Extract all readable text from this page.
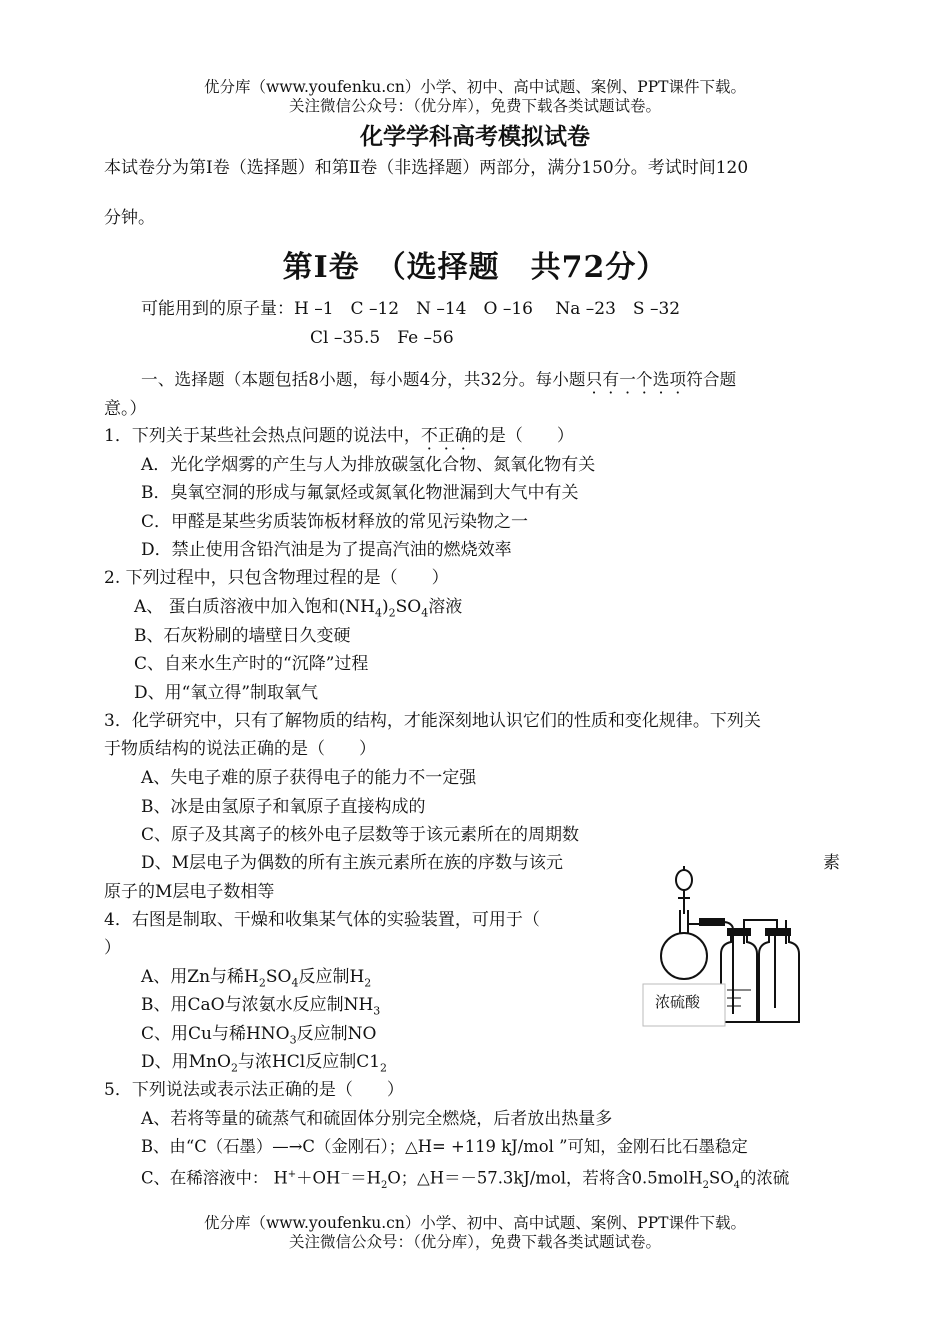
优分库（www.youfenku.cn）小学、初中、高中试题、案例、PPT课件下载。
关注微信公众号：（优分库），免费下载各类试题试卷。
化学学科高考模拟试卷
本试卷分为第Ⅰ卷（选择题）和第Ⅱ卷（非选择题）两部分，满分150分。考试时间120
分钟。
第Ⅰ卷　（选择题　共72分）
可能用到的原子量：H –1　C –12　N –14　O –16　 Na –23　S –32
Cl –35.5　Fe –56
一、选择题（本题包括8小题，每小题4分，共32分。每小题只有一个选项符合题
意。）
1．下列关于某些社会热点问题的说法中，不正确的是（　　）
A．光化学烟雾的产生与人为排放碳氢化合物、氮氧化物有关
B．臭氧空洞的形成与氟氯烃或氮氧化物泄漏到大气中有关
C．甲醛是某些劣质装饰板材释放的常见污染物之一
D．禁止使用含铅汽油是为了提高汽油的燃烧效率
2. 下列过程中，只包含物理过程的是（　　）
A、 蛋白质溶液中加入饱和$(NH_4)_2SO_4$溶液
B、石灰粉刷的墙壁日久变硬
C、自来水生产时的“沉降”过程
D、用“氧立得”制取氧气
3．化学研究中，只有了解物质的结构，才能深刻地认识它们的性质和变化规律。下列关
于物质结构的说法正确的是（　　）
A、失电子难的原子获得电子的能力不一定强
B、冰是由氢原子和氧原子直接构成的
C、原子及其离子的核外电子层数等于该元素所在的周期数
D、M层电子为偶数的所有主族元素所在族的序数与该元	素
原子的M层电子数相等
4．右图是制取、干燥和收集某气体的实验装置，可用于（
）
A、用Zn与稀$H_2SO_4$反应制$H_2$
B、用CaO与浓氨水反应制$NH_3$
C、用Cu与稀$HNO_3$反应制NO
D、用MnO$_2$与浓HCl反应制$C1_2$
浓硫酸
5．下列说法或表示法正确的是（　　）
A、若将等量的硫蒸气和硫固体分别完全燃烧，后者放出热量多
B、由“C（石墨）—→C（金刚石）；△H= +119 kJ/mol ”可知，金刚石比石墨稳定
C、在稀溶液中： $H^++OH^-=H_2O$；△H＝－57.3kJ/mol，若将含$0.5molH_2SO_4$的浓硫
优分库（www.youfenku.cn）小学、初中、高中试题、案例、PPT课件下载。
关注微信公众号：（优分库），免费下载各类试题试卷。
